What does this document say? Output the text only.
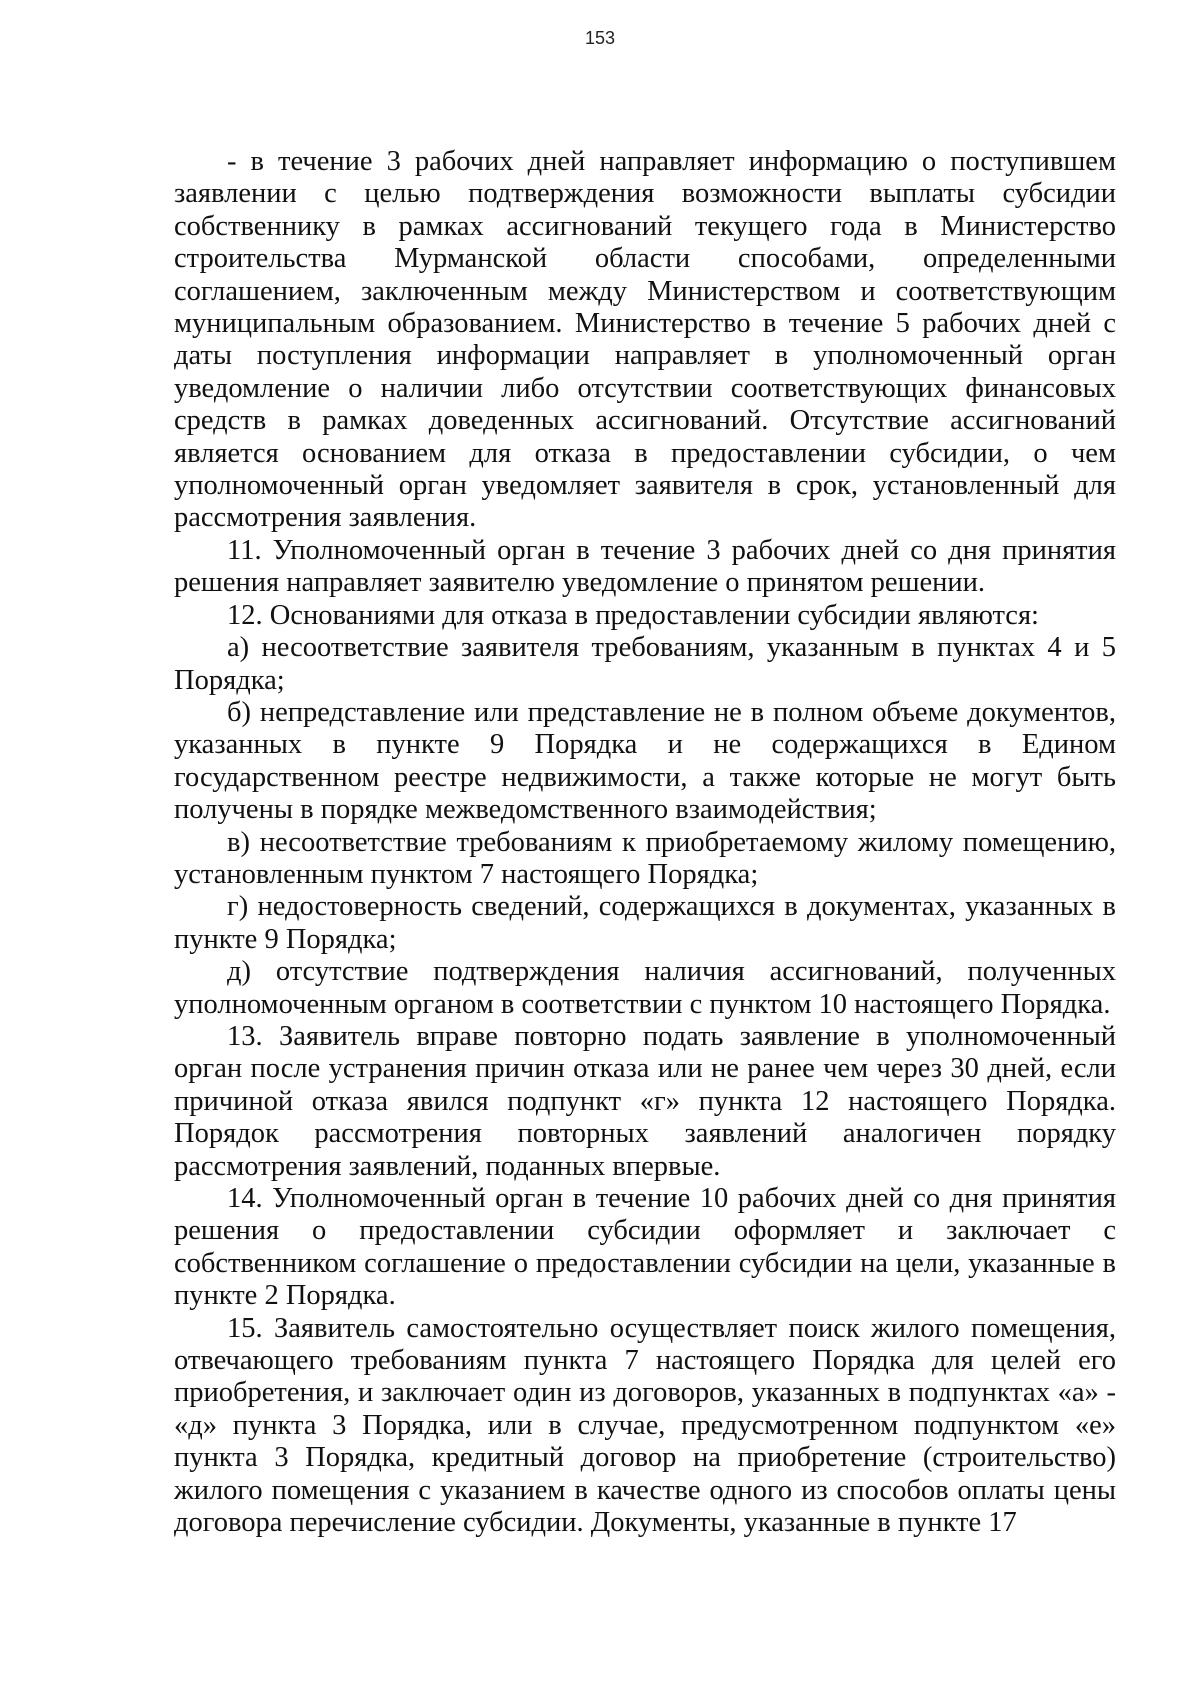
153

- в течение 3 рабочих дней направляет информацию о поступившем заявлении с целью подтверждения возможности выплаты субсидии собственнику в рамках ассигнований текущего года в Министерство строительства Мурманской области способами, определенными соглашением, заключенным между Министерством и соответствующим муниципальным образованием. Министерство в течение 5 рабочих дней с даты поступления информации направляет в уполномоченный орган уведомление о наличии либо отсутствии соответствующих финансовых средств в рамках доведенных ассигнований. Отсутствие ассигнований является основанием для отказа в предоставлении субсидии, о чем уполномоченный орган уведомляет заявителя в срок, установленный для рассмотрения заявления.

11. Уполномоченный орган в течение 3 рабочих дней со дня принятия решения направляет заявителю уведомление о принятом решении.

12. Основаниями для отказа в предоставлении субсидии являются:

а) несоответствие заявителя требованиям, указанным в пунктах 4 и 5 Порядка;

б) непредставление или представление не в полном объеме документов, указанных в пункте 9 Порядка и не содержащихся в Едином государственном реестре недвижимости, а также которые не могут быть получены в порядке межведомственного взаимодействия;

в) несоответствие требованиям к приобретаемому жилому помещению, установленным пунктом 7 настоящего Порядка;

г) недостоверность сведений, содержащихся в документах, указанных в пункте 9 Порядка;

д) отсутствие подтверждения наличия ассигнований, полученных уполномоченным органом в соответствии с пунктом 10 настоящего Порядка.

13. Заявитель вправе повторно подать заявление в уполномоченный орган после устранения причин отказа или не ранее чем через 30 дней, если причиной отказа явился подпункт «г» пункта 12 настоящего Порядка. Порядок рассмотрения повторных заявлений аналогичен порядку рассмотрения заявлений, поданных впервые.

14. Уполномоченный орган в течение 10 рабочих дней со дня принятия решения о предоставлении субсидии оформляет и заключает с собственником соглашение о предоставлении субсидии на цели, указанные в пункте 2 Порядка.

15. Заявитель самостоятельно осуществляет поиск жилого помещения, отвечающего требованиям пункта 7 настоящего Порядка для целей его приобретения, и заключает один из договоров, указанных в подпунктах «а» - «д» пункта 3 Порядка, или в случае, предусмотренном подпунктом «е» пункта 3 Порядка, кредитный договор на приобретение (строительство) жилого помещения с указанием в качестве одного из способов оплаты цены договора перечисление субсидии. Документы, указанные в пункте 17
